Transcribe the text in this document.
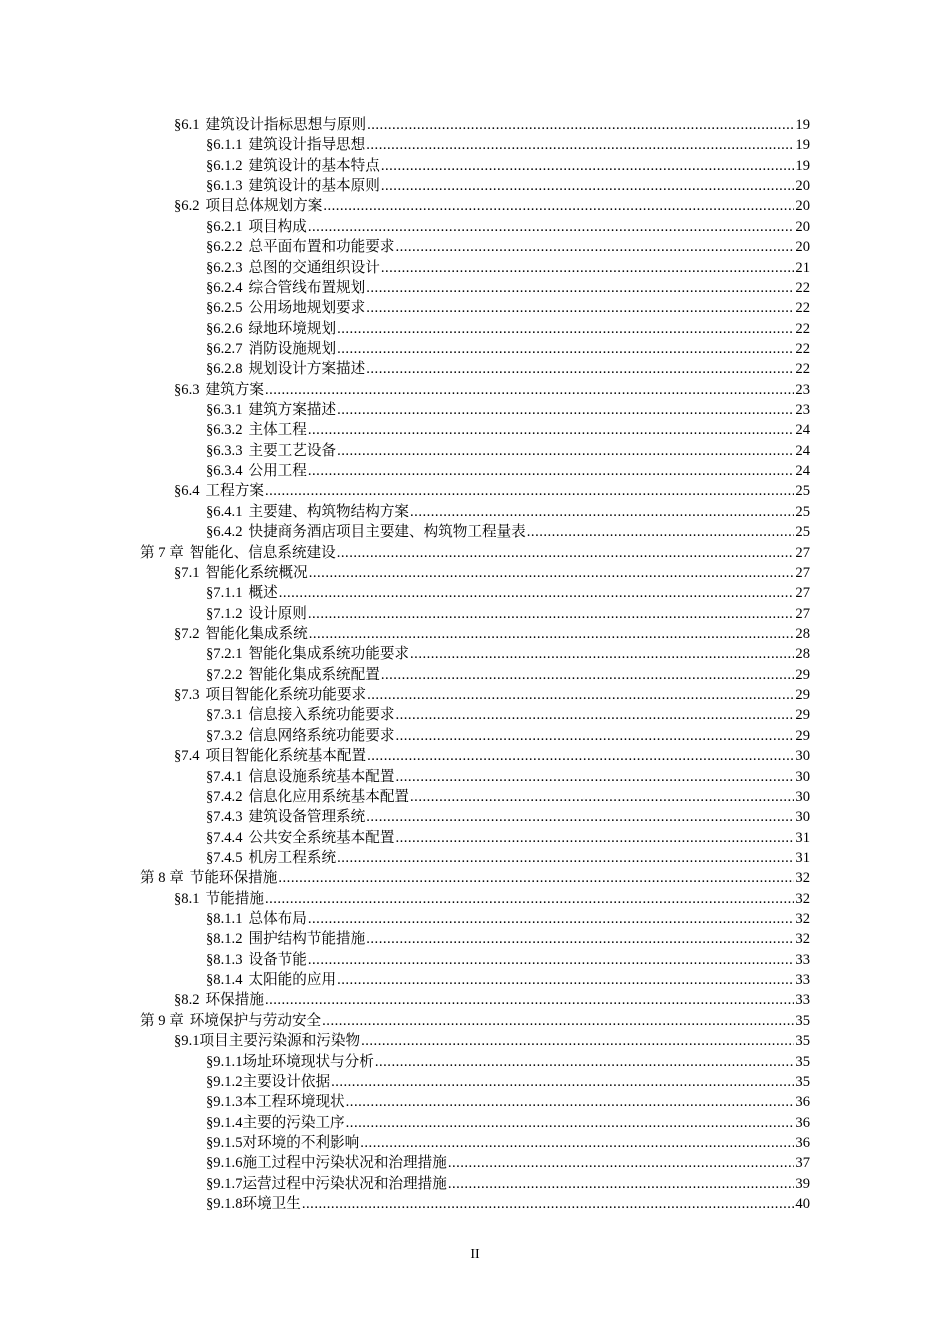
§6.1 建筑设计指标思想与原则 .....	19
§6.1.1 建筑设计指导思想 .....	19
§6.1.2 建筑设计的基本特点 .....	19
§6.1.3 建筑设计的基本原则 .....	20
§6.2 项目总体规划方案 .....	20
§6.2.1 项目构成 .....	20
§6.2.2 总平面布置和功能要求 .....	20
§6.2.3 总图的交通组织设计 .....	21
§6.2.4 综合管线布置规划 .....	22
§6.2.5 公用场地规划要求 .....	22
§6.2.6 绿地环境规划 .....	22
§6.2.7 消防设施规划 .....	22
§6.2.8 规划设计方案描述 .....	22
§6.3 建筑方案 .....	23
§6.3.1 建筑方案描述 .....	23
§6.3.2 主体工程 .....	24
§6.3.3 主要工艺设备 .....	24
§6.3.4 公用工程 .....	24
§6.4 工程方案 .....	25
§6.4.1 主要建、构筑物结构方案 .....	25
§6.4.2 快捷商务酒店项目主要建、构筑物工程量表 .....	25
第 7 章 智能化、信息系统建设 .....	27
§7.1 智能化系统概况 .....	27
§7.1.1 概述 .....	27
§7.1.2 设计原则 .....	27
§7.2 智能化集成系统 .....	28
§7.2.1 智能化集成系统功能要求 .....	28
§7.2.2 智能化集成系统配置 .....	29
§7.3 项目智能化系统功能要求 .....	29
§7.3.1 信息接入系统功能要求 .....	29
§7.3.2 信息网络系统功能要求 .....	29
§7.4 项目智能化系统基本配置 .....	30
§7.4.1 信息设施系统基本配置 .....	30
§7.4.2 信息化应用系统基本配置 .....	30
§7.4.3 建筑设备管理系统 .....	30
§7.4.4 公共安全系统基本配置 .....	31
§7.4.5 机房工程系统 .....	31
第 8 章 节能环保措施 .....	32
§8.1 节能措施 .....	32
§8.1.1 总体布局 .....	32
§8.1.2 围护结构节能措施 .....	32
§8.1.3 设备节能 .....	33
§8.1.4 太阳能的应用 .....	33
§8.2 环保措施 .....	33
第 9 章 环境保护与劳动安全 .....	35
§9.1项目主要污染源和污染物 .....	35
§9.1.1场址环境现状与分析 .....	35
§9.1.2主要设计依据 .....	35
§9.1.3本工程环境现状 .....	36
§9.1.4主要的污染工序 .....	36
§9.1.5对环境的不利影响 .....	36
§9.1.6施工过程中污染状况和治理措施 .....	37
§9.1.7运营过程中污染状况和治理措施 .....	39
§9.1.8环境卫生 .....	40
II
